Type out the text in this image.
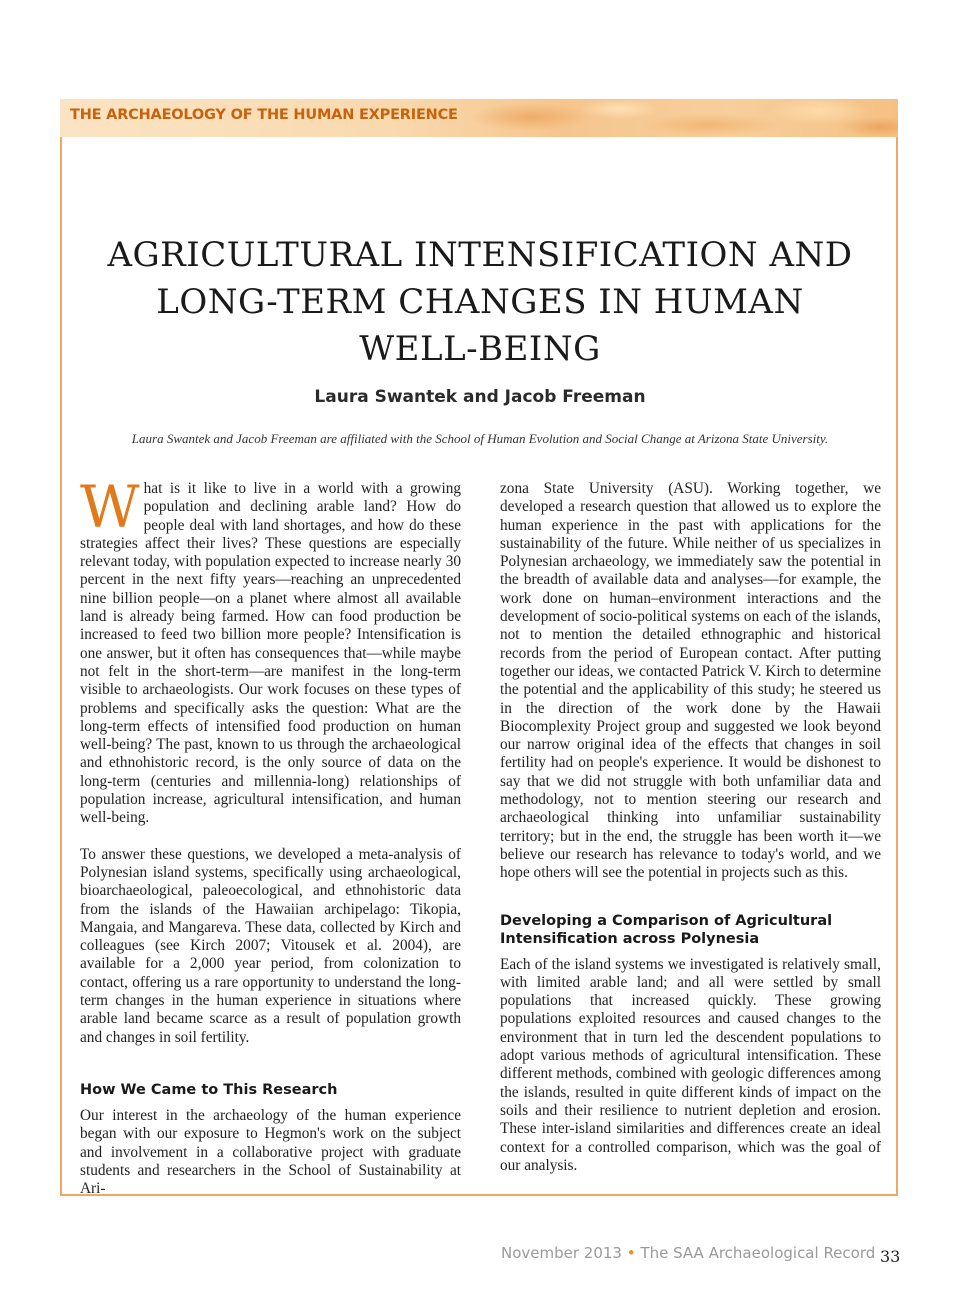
THE ARCHAEOLOGY OF THE HUMAN EXPERIENCE

AGRICULTURAL INTENSIFICATION AND
LONG-TERM CHANGES IN HUMAN
WELL-BEING

Laura Swantek and Jacob Freeman

Laura Swantek and Jacob Freeman are affiliated with the School of Human Evolution and Social Change at Arizona State University.

What is it like to live in a world with a growing population and declining arable land? How do people deal with land shortages, and how do these strategies affect their lives? These questions are especially relevant today, with population expected to increase nearly 30 percent in the next fifty years—reaching an unprecedented nine billion people—on a planet where almost all available land is already being farmed. How can food production be increased to feed two billion more people? Intensification is one answer, but it often has consequences that—while maybe not felt in the short-term—are manifest in the long-term visible to archaeologists. Our work focuses on these types of problems and specifically asks the question: What are the long-term effects of intensified food production on human well-being? The past, known to us through the archaeological and ethnohistoric record, is the only source of data on the long-term (centuries and millennia-long) relationships of population increase, agricultural intensification, and human well-being.

To answer these questions, we developed a meta-analysis of Polynesian island systems, specifically using archaeological, bioarchaeological, paleoecological, and ethnohistoric data from the islands of the Hawaiian archipelago: Tikopia, Mangaia, and Mangareva. These data, collected by Kirch and colleagues (see Kirch 2007; Vitousek et al. 2004), are available for a 2,000 year period, from colonization to contact, offering us a rare opportunity to understand the long-term changes in the human experience in situations where arable land became scarce as a result of population growth and changes in soil fertility.

How We Came to This Research

Our interest in the archaeology of the human experience began with our exposure to Hegmon's work on the subject and involvement in a collaborative project with graduate students and researchers in the School of Sustainability at Ari-

zona State University (ASU). Working together, we developed a research question that allowed us to explore the human experience in the past with applications for the sustainability of the future. While neither of us specializes in Polynesian archaeology, we immediately saw the potential in the breadth of available data and analyses—for example, the work done on human–environment interactions and the development of socio-political systems on each of the islands, not to mention the detailed ethnographic and historical records from the period of European contact. After putting together our ideas, we contacted Patrick V. Kirch to determine the potential and the applicability of this study; he steered us in the direction of the work done by the Hawaii Biocomplexity Project group and suggested we look beyond our narrow original idea of the effects that changes in soil fertility had on people's experience. It would be dishonest to say that we did not struggle with both unfamiliar data and methodology, not to mention steering our research and archaeological thinking into unfamiliar sustainability territory; but in the end, the struggle has been worth it—we believe our research has relevance to today's world, and we hope others will see the potential in projects such as this.

Developing a Comparison of Agricultural Intensification across Polynesia

Each of the island systems we investigated is relatively small, with limited arable land; and all were settled by small populations that increased quickly. These growing populations exploited resources and caused changes to the environment that in turn led the descendent populations to adopt various methods of agricultural intensification. These different methods, combined with geologic differences among the islands, resulted in quite different kinds of impact on the soils and their resilience to nutrient depletion and erosion. These inter-island similarities and differences create an ideal context for a controlled comparison, which was the goal of our analysis.

November 2013 • The SAA Archaeological Record 33
